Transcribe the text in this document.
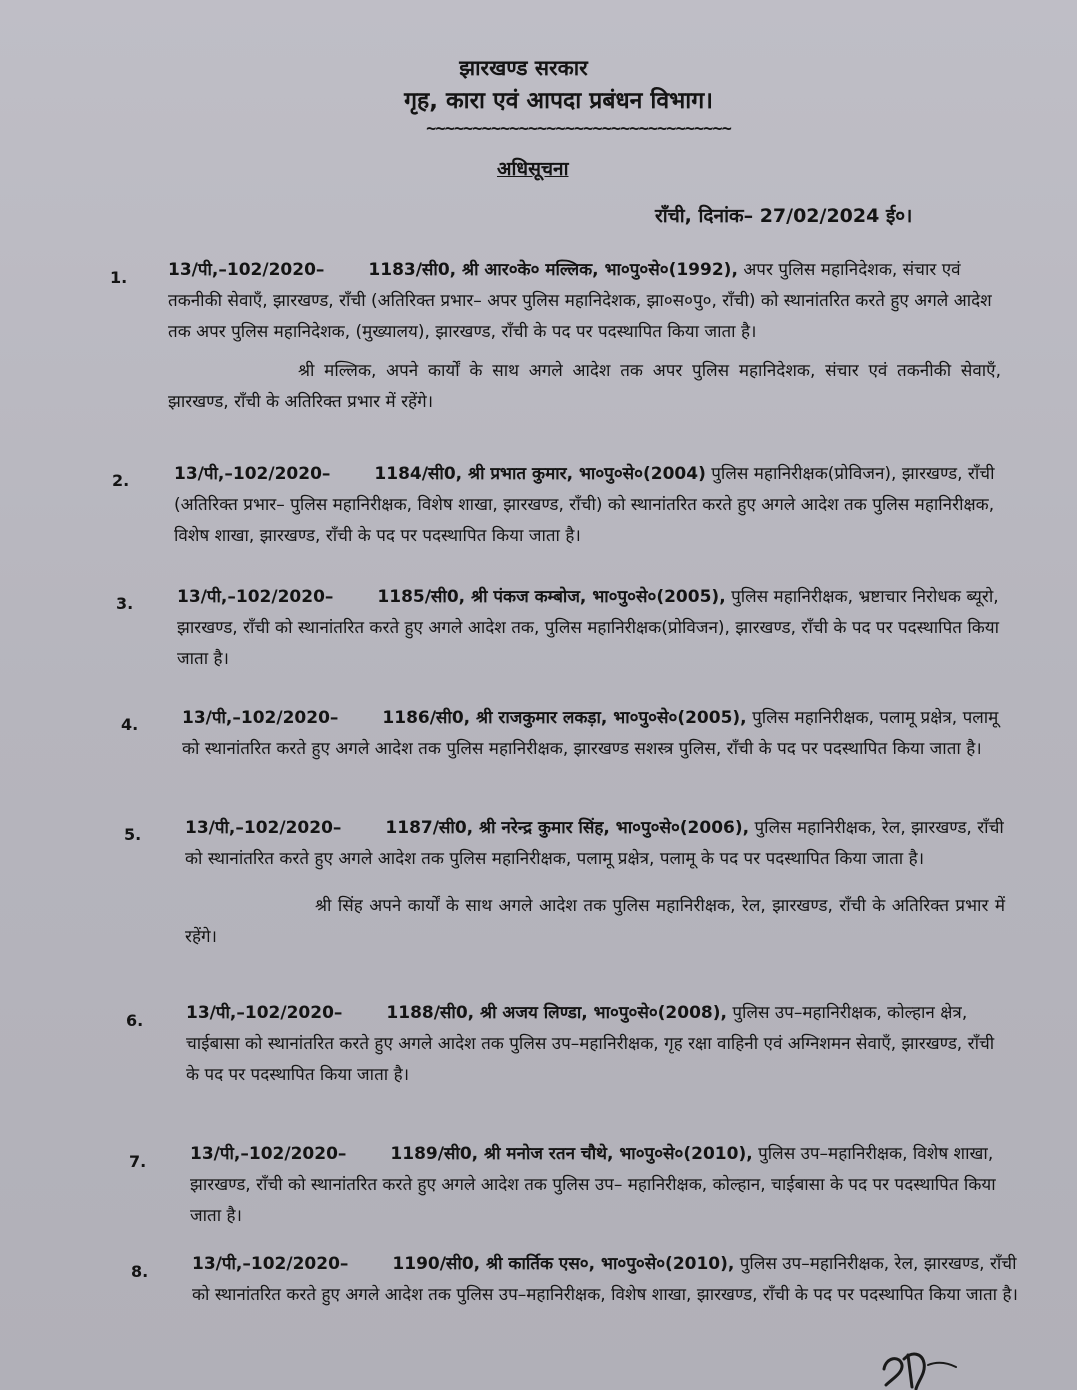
झारखण्ड सरकार
गृह, कारा एवं आपदा प्रबंधन विभाग।
~~~~~~~~~~~~~~~~~~~~~~~~~~~~~~~~~
अधिसूचना
राँची, दिनांक– 27/02/2024 ई०।
1. 13/पी,–102/2020–	1183/सी0, श्री आर०के० मल्लिक, भा०पु०से०(1992), अपर पुलिस महानिदेशक, संचार एवं तकनीकी सेवाएँ, झारखण्ड, राँची (अतिरिक्त प्रभार– अपर पुलिस महानिदेशक, झा०स०पु०, राँची) को स्थानांतरित करते हुए अगले आदेश तक अपर पुलिस महानिदेशक, (मुख्यालय), झारखण्ड, राँची के पद पर पदस्थापित किया जाता है।
श्री मल्लिक, अपने कार्यों के साथ अगले आदेश तक अपर पुलिस महानिदेशक, संचार एवं तकनीकी सेवाएँ, झारखण्ड, राँची के अतिरिक्त प्रभार में रहेंगे।
2.	13/पी,–102/2020–	1184/सी0, श्री प्रभात कुमार, भा०पु०से०(2004) पुलिस महानिरीक्षक(प्रोविजन), झारखण्ड, राँची (अतिरिक्त प्रभार– पुलिस महानिरीक्षक, विशेष शाखा, झारखण्ड, राँची) को स्थानांतरित करते हुए अगले आदेश तक पुलिस महानिरीक्षक, विशेष शाखा, झारखण्ड, राँची के पद पर पदस्थापित किया जाता है।
3.	13/पी,–102/2020–	1185/सी0, श्री पंकज कम्बोज, भा०पु०से०(2005), पुलिस महानिरीक्षक, भ्रष्टाचार निरोधक ब्यूरो, झारखण्ड, राँची को स्थानांतरित करते हुए अगले आदेश तक, पुलिस महानिरीक्षक(प्रोविजन), झारखण्ड, राँची के पद पर पदस्थापित किया जाता है।
4.	13/पी,–102/2020–	1186/सी0, श्री राजकुमार लकड़ा, भा०पु०से०(2005), पुलिस महानिरीक्षक, पलामू प्रक्षेत्र, पलामू को स्थानांतरित करते हुए अगले आदेश तक पुलिस महानिरीक्षक, झारखण्ड सशस्त्र पुलिस, राँची के पद पर पदस्थापित किया जाता है।
5.	13/पी,–102/2020–	1187/सी0, श्री नरेन्द्र कुमार सिंह, भा०पु०से०(2006), पुलिस महानिरीक्षक, रेल, झारखण्ड, राँची को स्थानांतरित करते हुए अगले आदेश तक पुलिस महानिरीक्षक, पलामू प्रक्षेत्र, पलामू के पद पर पदस्थापित किया जाता है।
श्री सिंह अपने कार्यों के साथ अगले आदेश तक पुलिस महानिरीक्षक, रेल, झारखण्ड, राँची के अतिरिक्त प्रभार में रहेंगे।
6.	13/पी,–102/2020–	1188/सी0, श्री अजय लिण्डा, भा०पु०से०(2008), पुलिस उप–महानिरीक्षक, कोल्हान क्षेत्र, चाईबासा को स्थानांतरित करते हुए अगले आदेश तक पुलिस उप–महानिरीक्षक, गृह रक्षा वाहिनी एवं अग्निशमन सेवाएँ, झारखण्ड, राँची के पद पर पदस्थापित किया जाता है।
7.	13/पी,–102/2020–	1189/सी0, श्री मनोज रतन चौथे, भा०पु०से०(2010), पुलिस उप–महानिरीक्षक, विशेष शाखा, झारखण्ड, राँची को स्थानांतरित करते हुए अगले आदेश तक पुलिस उप– महानिरीक्षक, कोल्हान, चाईबासा के पद पर पदस्थापित किया जाता है।
8.	13/पी,–102/2020–	1190/सी0, श्री कार्तिक एस०, भा०पु०से०(2010), पुलिस उप–महानिरीक्षक, रेल, झारखण्ड, राँची को स्थानांतरित करते हुए अगले आदेश तक पुलिस उप–महानिरीक्षक, विशेष शाखा, झारखण्ड, राँची के पद पर पदस्थापित किया जाता है।
